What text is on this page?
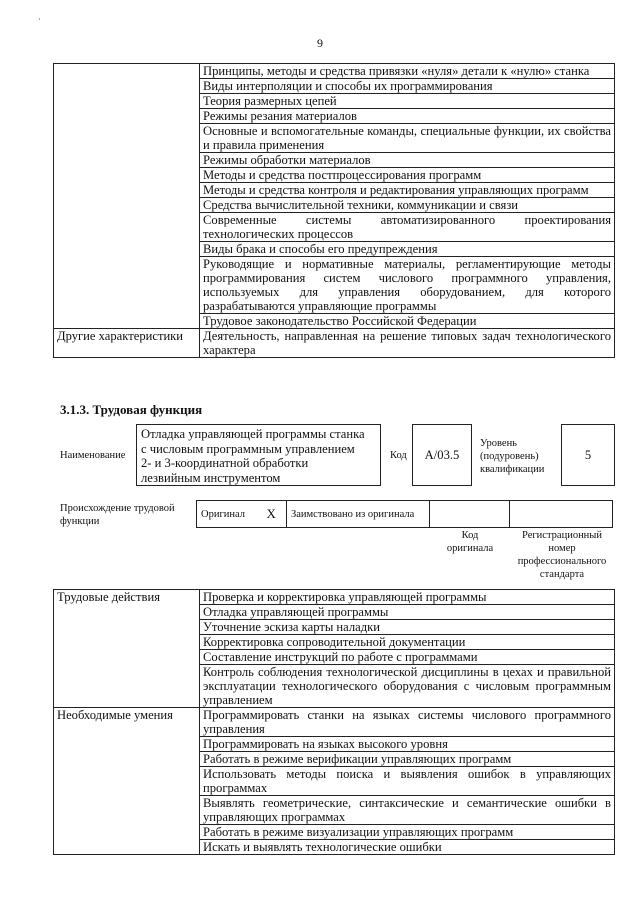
·
9
	Принципы, методы и средства привязки «нуля» детали к «нулю» станка
	Виды интерполяции и способы их программирования
	Теория размерных цепей
	Режимы резания материалов
	Основные и вспомогательные команды, специальные функции, их свойства и правила применения
	Режимы обработки материалов
	Методы и средства постпроцессирования программ
	Методы и средства контроля и редактирования управляющих программ
	Средства вычислительной техники, коммуникации и связи
	Современные системы автоматизированного проектирования технологических процессов
	Виды брака и способы его предупреждения
	Руководящие и нормативные материалы, регламентирующие методы программирования систем числового программного управления, используемых для управления оборудованием, для которого разрабатываются управляющие программы
	Трудовое законодательство Российской Федерации
Другие характеристики	Деятельность, направленная на решение типовых задач технологического характера
3.1.3. Трудовая функция
Наименование
Отладка управляющей программы станка
с числовым программным управлением
2- и 3-координатной обработки
лезвийным инструментом
Код A/03.5
Уровень
(подуровень)
квалификации
5
Происхождение трудовой
функции
Оригинал	X	Заимствовано из оригинала		
Код
оригинала
Регистрационный
номер
профессионального
стандарта
Трудовые действия	Проверка и корректировка управляющей программы
	Отладка управляющей программы
	Уточнение эскиза карты наладки
	Корректировка сопроводительной документации
	Составление инструкций по работе с программами
	Контроль соблюдения технологической дисциплины в цехах и правильной эксплуатации технологического оборудования с числовым программным управлением
Необходимые умения	Программировать станки на языках системы числового программного управления
	Программировать на языках высокого уровня
	Работать в режиме верификации управляющих программ
	Использовать методы поиска и выявления ошибок в управляющих программах
	Выявлять геометрические, синтаксические и семантические ошибки в управляющих программах
	Работать в режиме визуализации управляющих программ
	Искать и выявлять технологические ошибки
